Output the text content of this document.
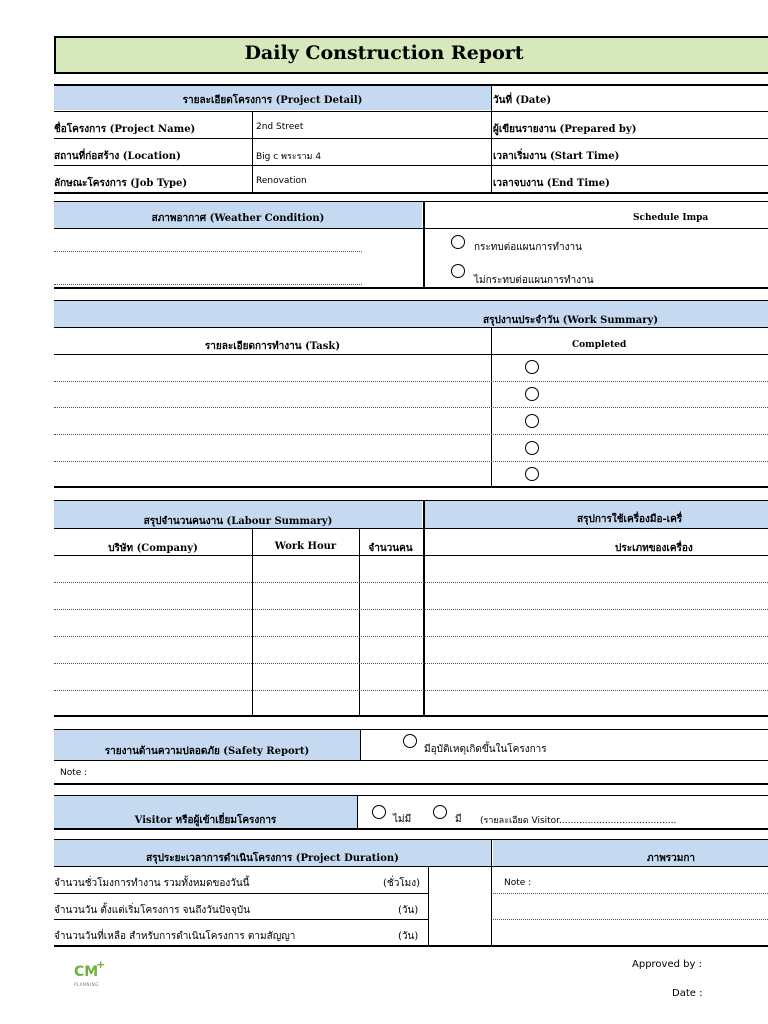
Daily Construction Report
รายละเอียดโครงการ (Project Detail)	วันที่ (Date)
ชื่อโครงการ (Project Name)	2nd Street	ผู้เขียนรายงาน (Prepared by)
สถานที่ก่อสร้าง (Location)	Big c พระราม 4	เวลาเริ่มงาน (Start Time)
ลักษณะโครงการ (Job Type)	Renovation	เวลาจบงาน (End Time)
สภาพอากาศ (Weather Condition)	Schedule Impa
กระทบต่อแผนการทำงาน
ไม่กระทบต่อแผนการทำงาน
สรุปงานประจำวัน (Work Summary)
รายละเอียดการทำงาน (Task)	Completed
สรุปจำนวนคนงาน (Labour Summary)	สรุปการใช้เครื่องมือ-เครื่
บริษัท (Company)	Work Hour	จำนวนคน	ประเภทของเครื่อง
รายงานด้านความปลอดภัย (Safety Report)	มีอุบัติเหตุเกิดขึ้นในโครงการ
Note :
Visitor หรือผู้เข้าเยี่ยมโครงการ	ไม่มี	มี (รายละเอียด Visitor.........................................
สรุประยะเวลาการดำเนินโครงการ (Project Duration)	ภาพรวมกา
จำนวนชั่วโมงการทำงาน รวมทั้งหมดของวันนี้	(ชั่วโมง)	Note :
จำนวนวัน ตั้งแต่เริ่มโครงการ จนถึงวันปัจจุบัน	(วัน)
จำนวนวันที่เหลือ สำหรับการดำเนินโครงการ ตามสัญญา	(วัน)
CM
+
PLANNING
Approved by :
Date :
